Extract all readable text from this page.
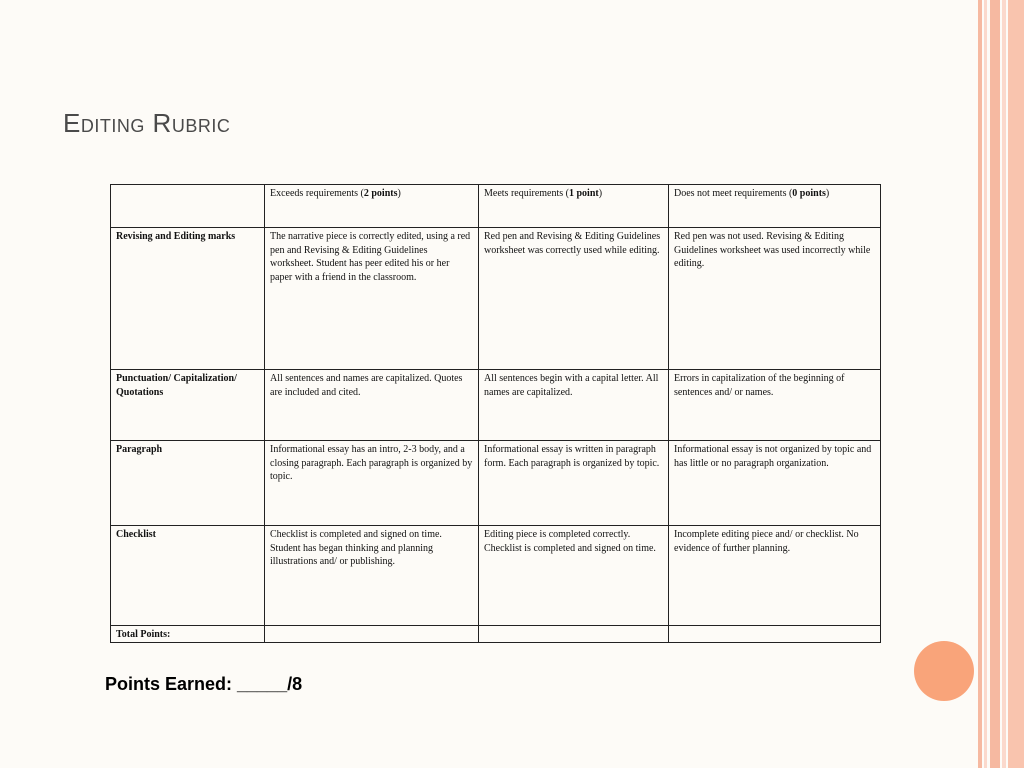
Editing Rubric
	Exceeds requirements (2 points)	Meets requirements (1 point)	Does not meet requirements (0 points)
Revising and Editing marks	The narrative piece is correctly edited, using a red pen and Revising & Editing Guidelines worksheet. Student has peer edited his or her paper with a friend in the classroom.	Red pen and Revising & Editing Guidelines worksheet was correctly used while editing.	Red pen was not used. Revising & Editing Guidelines worksheet was used incorrectly while editing.
Punctuation/ Capitalization/ Quotations	All sentences and names are capitalized. Quotes are included and cited.	All sentences begin with a capital letter. All names are capitalized.	Errors in capitalization of the beginning of sentences and/ or names.
Paragraph	Informational essay has an intro, 2-3 body, and a closing paragraph. Each paragraph is organized by topic.	Informational essay is written in paragraph form. Each paragraph is organized by topic.	Informational essay is not organized by topic and has little or no paragraph organization.
Checklist	Checklist is completed and signed on time. Student has began thinking and planning illustrations and/ or publishing.	Editing piece is completed correctly. Checklist is completed and signed on time.	Incomplete editing piece and/ or checklist. No evidence of further planning.
Total Points:			
Points Earned: _____/8
